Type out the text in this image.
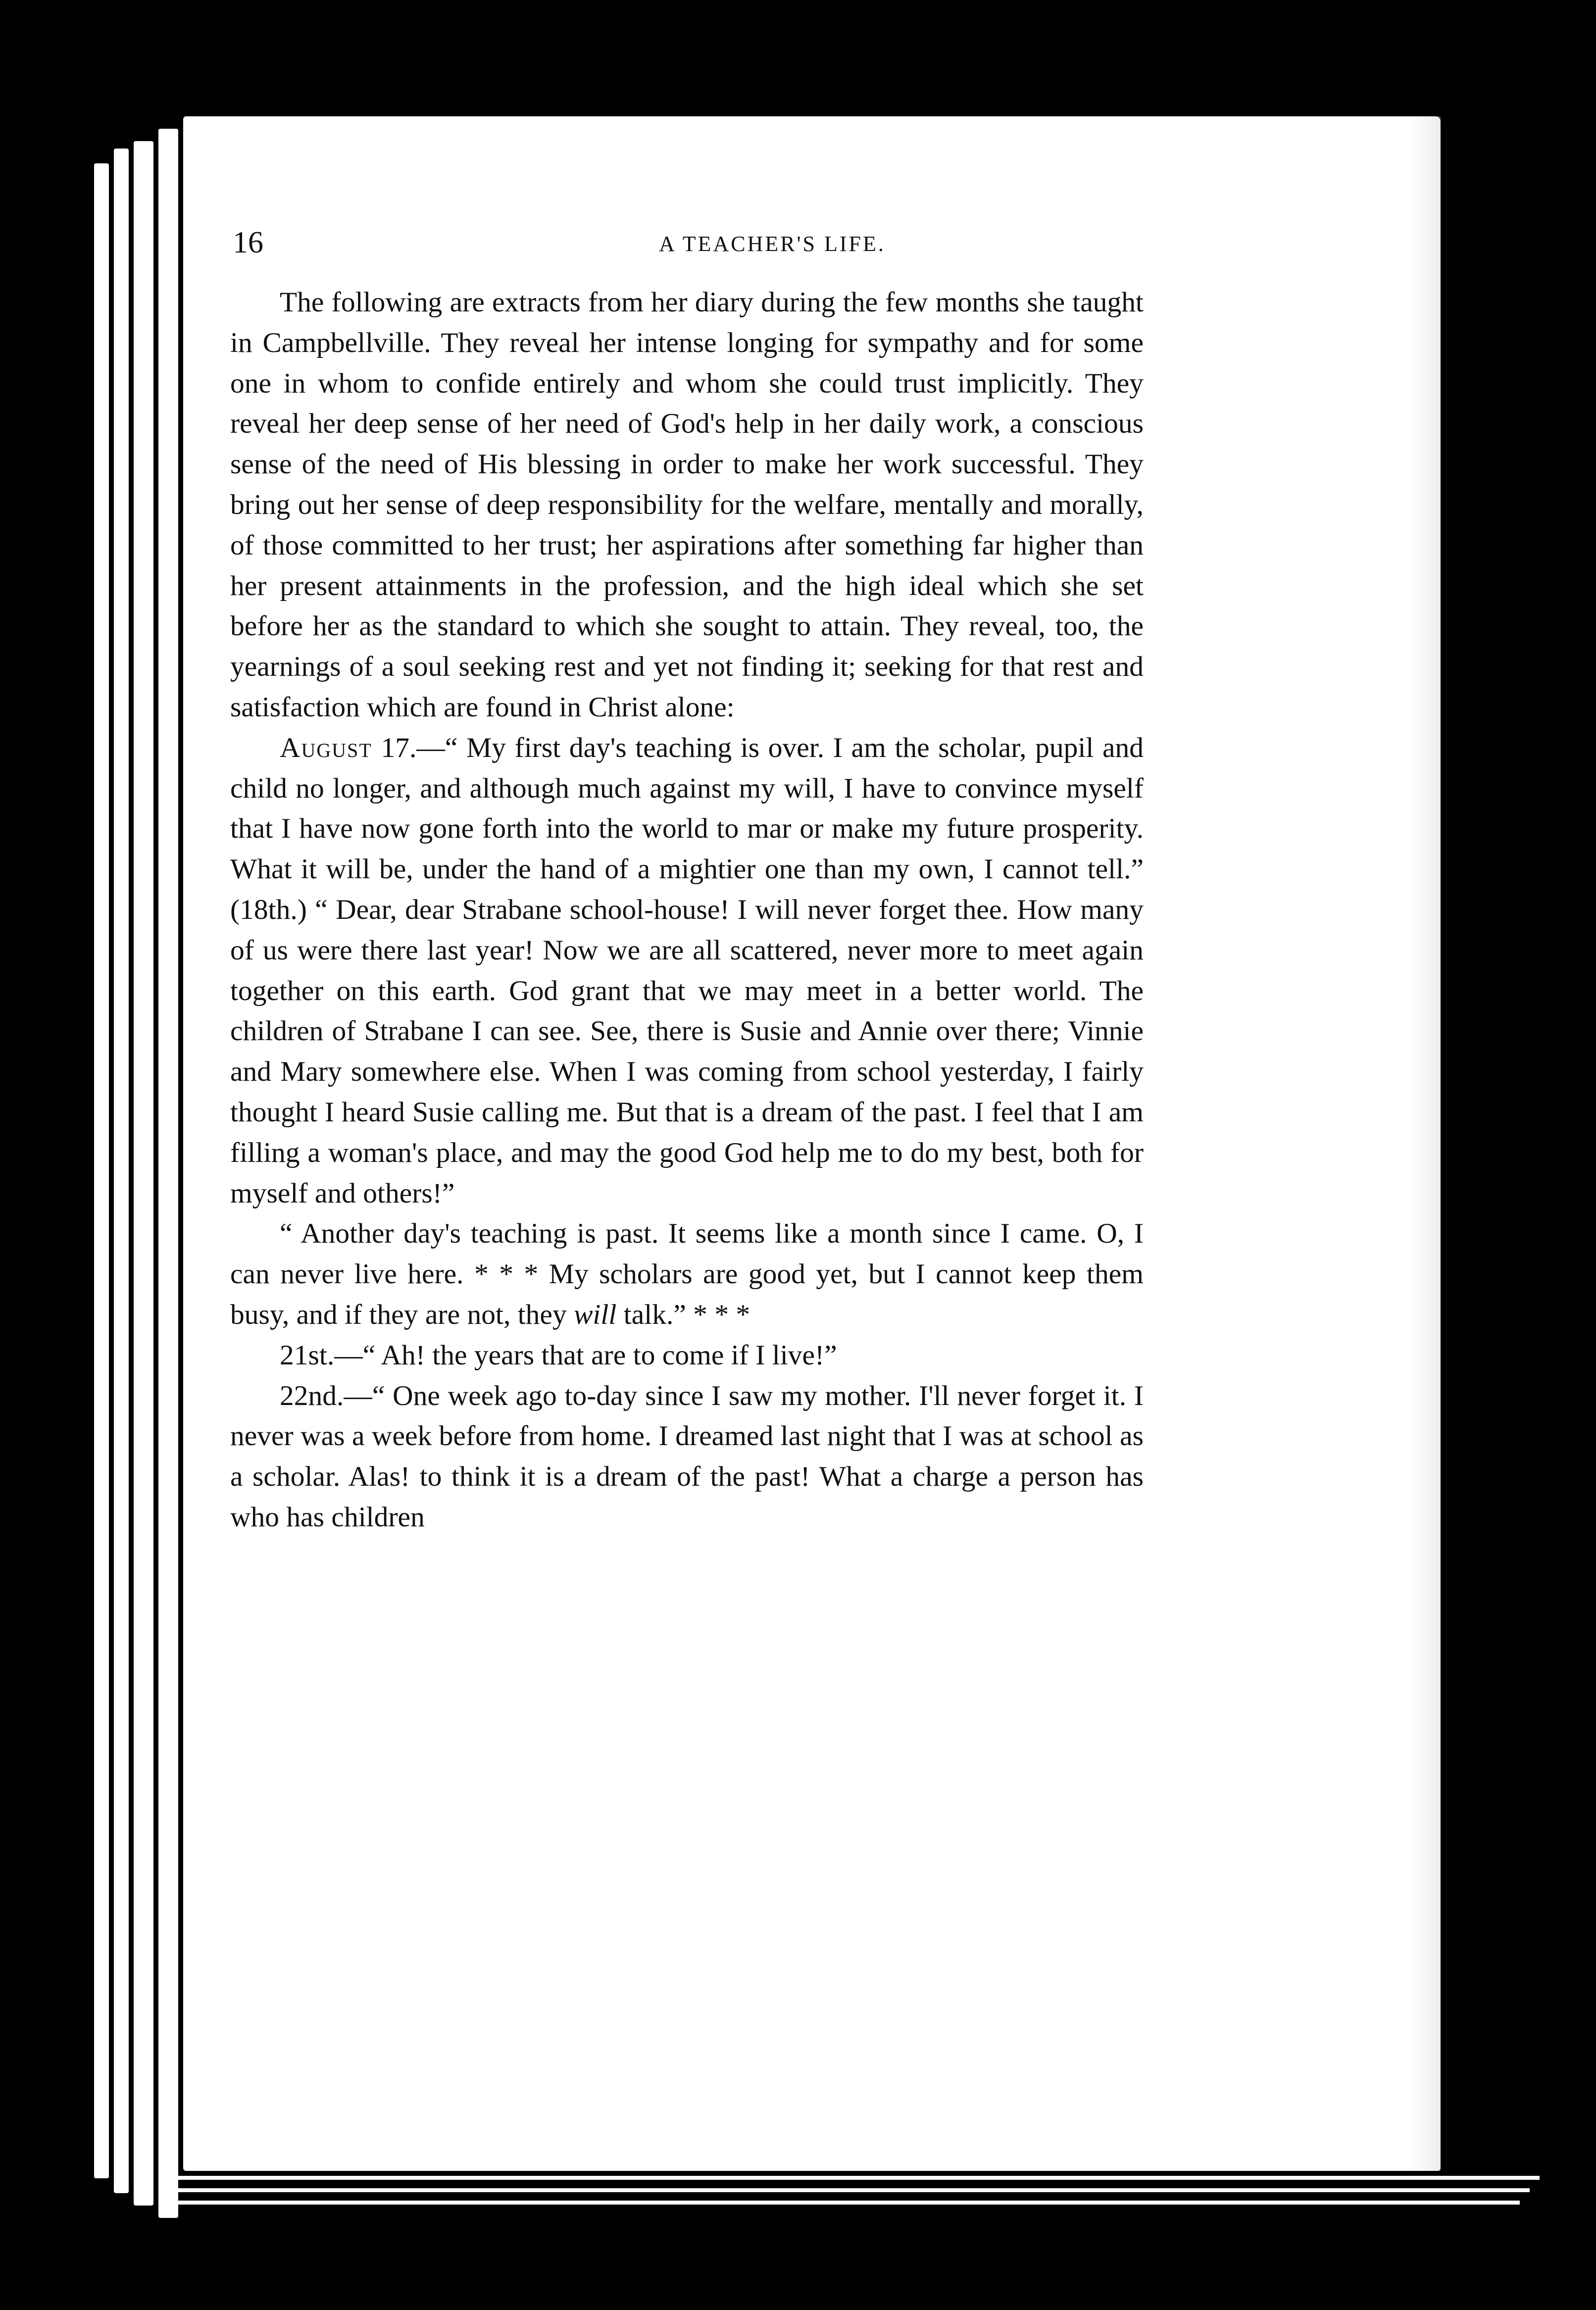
16	A TEACHER'S LIFE.

The following are extracts from her diary during the few months she taught in Campbellville. They reveal her intense longing for sympathy and for some one in whom to confide entirely and whom she could trust implicitly. They reveal her deep sense of her need of God's help in her daily work, a conscious sense of the need of His blessing in order to make her work successful. They bring out her sense of deep responsibility for the welfare, mentally and morally, of those committed to her trust; her aspirations after something far higher than her present attainments in the profession, and the high ideal which she set before her as the standard to which she sought to attain. They reveal, too, the yearnings of a soul seeking rest and yet not finding it; seeking for that rest and satisfaction which are found in Christ alone:

August 17.—“ My first day's teaching is over. I am the scholar, pupil and child no longer, and although much against my will, I have to convince myself that I have now gone forth into the world to mar or make my future prosperity. What it will be, under the hand of a mightier one than my own, I cannot tell.” (18th.) “ Dear, dear Strabane school-house! I will never forget thee. How many of us were there last year! Now we are all scattered, never more to meet again together on this earth. God grant that we may meet in a better world. The children of Strabane I can see. See, there is Susie and Annie over there; Vinnie and Mary somewhere else. When I was coming from school yesterday, I fairly thought I heard Susie calling me. But that is a dream of the past. I feel that I am filling a woman's place, and may the good God help me to do my best, both for myself and others!”

“ Another day's teaching is past. It seems like a month since I came. O, I can never live here. * * * My scholars are good yet, but I cannot keep them busy, and if they are not, they will talk.” * * *

21st.—“ Ah! the years that are to come if I live!”

22nd.—“ One week ago to-day since I saw my mother. I'll never forget it. I never was a week before from home. I dreamed last night that I was at school as a scholar. Alas! to think it is a dream of the past! What a charge a person has who has children
